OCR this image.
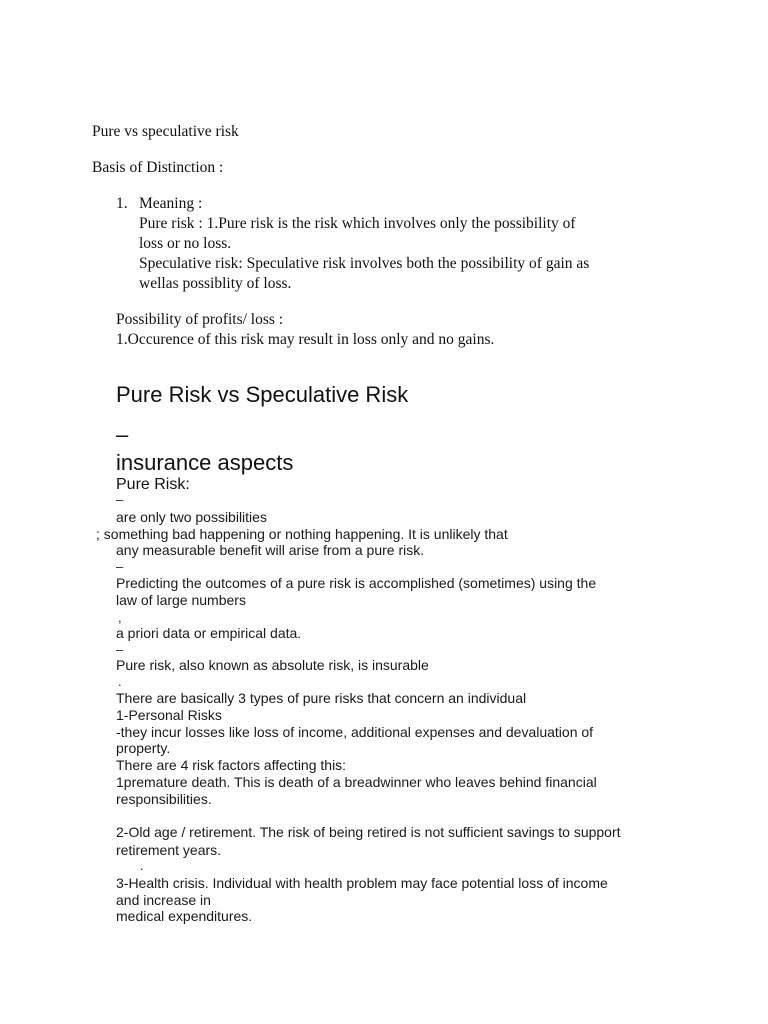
Pure vs speculative risk
Basis of Distinction :
1. Meaning :
Pure risk : 1.Pure risk is the risk which involves only the possibility of
loss or no loss.
Speculative risk: Speculative risk involves both the possibility of gain as
wellas possiblity of loss.
Possibility of profits/ loss :
1.Occurence of this risk may result in loss only and no gains.
Pure Risk vs Speculative Risk
–
insurance aspects
Pure Risk:
–
are only two possibilities
; something bad happening or nothing happening. It is unlikely that
any measurable benefit will arise from a pure risk.
–
Predicting the outcomes of a pure risk is accomplished (sometimes) using the
law of large numbers
,
a priori data or empirical data.
–
Pure risk, also known as absolute risk, is insurable
.
There are basically 3 types of pure risks that concern an individual
1-Personal Risks
-they incur losses like loss of income, additional expenses and devaluation of
property.
There are 4 risk factors affecting this:
1premature death. This is death of a breadwinner who leaves behind financial
responsibilities.
2-Old age / retirement. The risk of being retired is not sufficient savings to support
retirement years.
.
3-Health crisis. Individual with health problem may face potential loss of income
and increase in
medical expenditures.
